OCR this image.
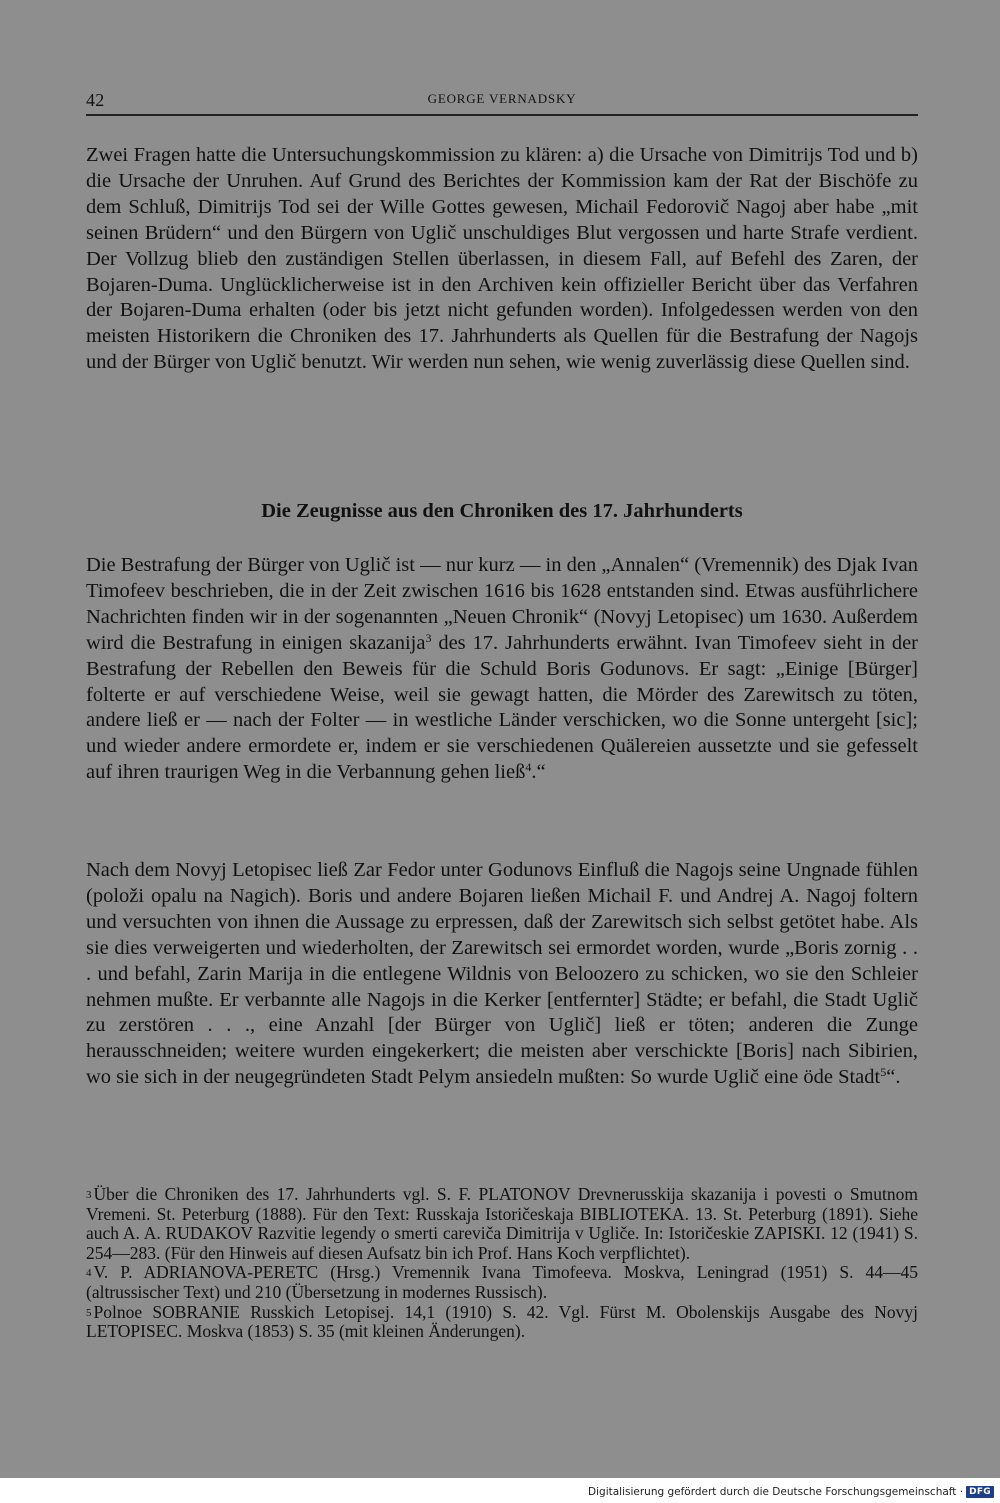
42	GEORGE VERNADSKY

Zwei Fragen hatte die Untersuchungskommission zu klären: a) die Ursache von Dimitrijs Tod und b) die Ursache der Unruhen. Auf Grund des Berichtes der Kommission kam der Rat der Bischöfe zu dem Schluß, Dimitrijs Tod sei der Wille Gottes gewesen, Michail Fedorovič Nagoj aber habe „mit seinen Brüdern“ und den Bürgern von Uglič unschuldiges Blut vergossen und harte Strafe verdient. Der Vollzug blieb den zuständigen Stellen überlassen, in diesem Fall, auf Befehl des Zaren, der Bojaren-Duma. Unglücklicherweise ist in den Archiven kein offizieller Bericht über das Verfahren der Bojaren-Duma erhalten (oder bis jetzt nicht gefunden worden). Infolgedessen werden von den meisten Historikern die Chroniken des 17. Jahrhunderts als Quellen für die Bestrafung der Nagojs und der Bürger von Uglič benutzt. Wir werden nun sehen, wie wenig zuverlässig diese Quellen sind.

Die Zeugnisse aus den Chroniken des 17. Jahrhunderts

Die Bestrafung der Bürger von Uglič ist — nur kurz — in den „Annalen“ (Vremennik) des Djak Ivan Timofeev beschrieben, die in der Zeit zwischen 1616 bis 1628 entstanden sind. Etwas ausführlichere Nachrichten finden wir in der sogenannten „Neuen Chronik“ (Novyj Letopisec) um 1630. Außerdem wird die Bestrafung in einigen skazanija$^3$ des 17. Jahrhunderts erwähnt. Ivan Timofeev sieht in der Bestrafung der Rebellen den Beweis für die Schuld Boris Godunovs. Er sagt: „Einige [Bürger] folterte er auf verschiedene Weise, weil sie gewagt hatten, die Mörder des Zarewitsch zu töten, andere ließ er — nach der Folter — in westliche Länder verschicken, wo die Sonne untergeht [sic]; und wieder andere ermordete er, indem er sie verschiedenen Quälereien aussetzte und sie gefesselt auf ihren traurigen Weg in die Verbannung gehen ließ$^4$.“

Nach dem Novyj Letopisec ließ Zar Fedor unter Godunovs Einfluß die Nagojs seine Ungnade fühlen (položi opalu na Nagich). Boris und andere Bojaren ließen Michail F. und Andrej A. Nagoj foltern und versuchten von ihnen die Aussage zu erpressen, daß der Zarewitsch sich selbst getötet habe. Als sie dies verweigerten und wiederholten, der Zarewitsch sei ermordet worden, wurde „Boris zornig . . . und befahl, Zarin Marija in die entlegene Wildnis von Beloozero zu schicken, wo sie den Schleier nehmen mußte. Er verbannte alle Nagojs in die Kerker [entfernter] Städte; er befahl, die Stadt Uglič zu zerstören . . ., eine Anzahl [der Bürger von Uglič] ließ er töten; anderen die Zunge herausschneiden; weitere wurden eingekerkert; die meisten aber verschickte [Boris] nach Sibirien, wo sie sich in der neugegründeten Stadt Pelym ansiedeln mußten: So wurde Uglič eine öde Stadt$^5$“.

$^3$ Über die Chroniken des 17. Jahrhunderts vgl. S. F. PLATONOV Drevnerusskija skazanija i povesti o Smutnom Vremeni. St. Peterburg (1888). Für den Text: Russkaja Istoričeskaja BIBLIOTEKA. 13. St. Peterburg (1891). Siehe auch A. A. RUDAKOV Razvitie legendy o smerti careviča Dimitrija v Ugliče. In: Istoričeskie ZAPISKI. 12 (1941) S. 254—283. (Für den Hinweis auf diesen Aufsatz bin ich Prof. Hans Koch verpflichtet).

$^4$ V. P. ADRIANOVA-PERETC (Hrsg.) Vremennik Ivana Timofeeva. Moskva, Leningrad (1951) S. 44—45 (altrussischer Text) und 210 (Übersetzung in modernes Russisch).

$^5$ Polnoe SOBRANIE Russkich Letopisej. 14,1 (1910) S. 42. Vgl. Fürst M. Obolenskijs Ausgabe des Novyj LETOPISEC. Moskva (1853) S. 35 (mit kleinen Änderungen).

Digitalisierung gefördert durch die Deutsche Forschungsgemeinschaft · DFG
